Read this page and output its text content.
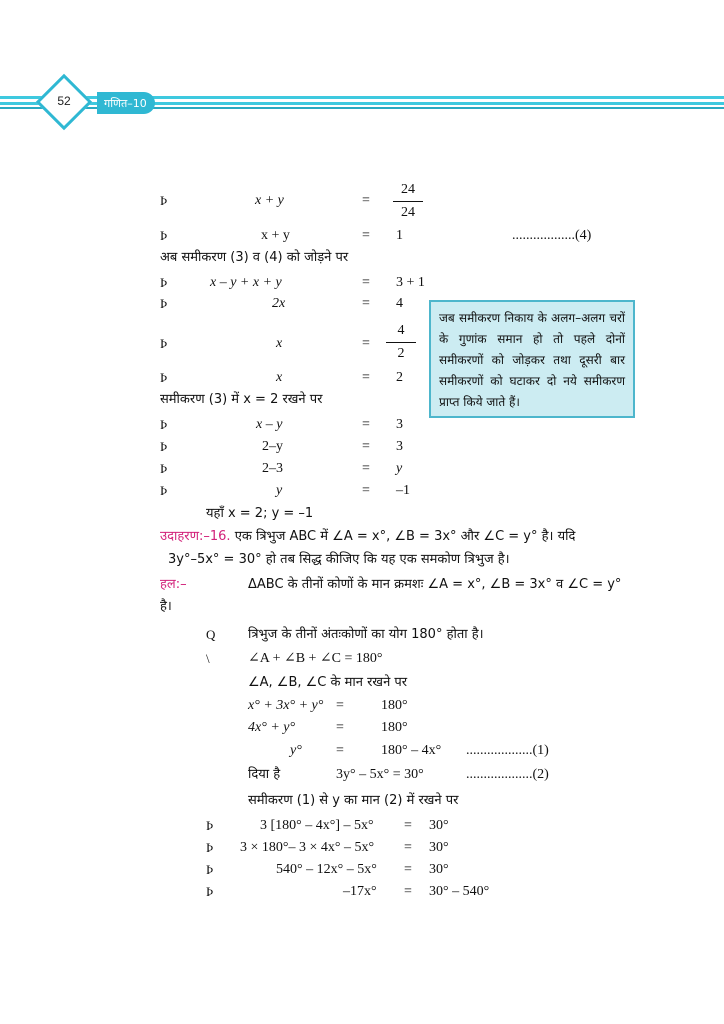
52	गणित–10
Þ	x + y	=
24
24
Þ	x + y	= 1	..................(4)
अब समीकरण (3) व (4) को जोड़ने पर
Þ	x – y + x + y	= 3 + 1
Þ	2x	= 4
Þ	x	=
4
2
Þ	x	= 2
समीकरण (3) में x = 2 रखने पर
जब समीकरण निकाय के अलग–अलग चरों के गुणांक समान हो तो पहले दोनों समीकरणों को जोड़कर तथा दूसरी बार समीकरणों को घटाकर दो नये समीकरण प्राप्त किये जाते हैं।
Þ	x – y	= 3
Þ	2–y	= 3
Þ	2–3	= y
Þ	y	= –1
यहाँ x = 2; y = –1
उदाहरण:–16. एक त्रिभुज ABC में ∠A = x°, ∠B = 3x° और ∠C = y° है। यदि
3y°–5x° = 30° हो तब सिद्ध कीजिए कि यह एक समकोण त्रिभुज है।
हल:–	ΔABC के तीनों कोणों के मान क्रमशः ∠A = x°, ∠B = 3x° व ∠C = y°
है।
Q	त्रिभुज के तीनों अंतःकोणों का योग 180° होता है।
\	∠A + ∠B + ∠C = 180°
∠A, ∠B, ∠C के मान रखने पर
x° + 3x° + y° =	180°
4x° + y°	=	180°
y° =	180° – 4x° ...................(1)
दिया है	3y° – 5x° = 30°	...................(2)
समीकरण (1) से y का मान (2) में रखने पर
Þ	3 [180° – 4x°] – 5x° = 30°
Þ 3 × 180°– 3 × 4x° – 5x° = 30°
Þ	540° – 12x° – 5x° = 30°
Þ	–17x° = 30° – 540°
